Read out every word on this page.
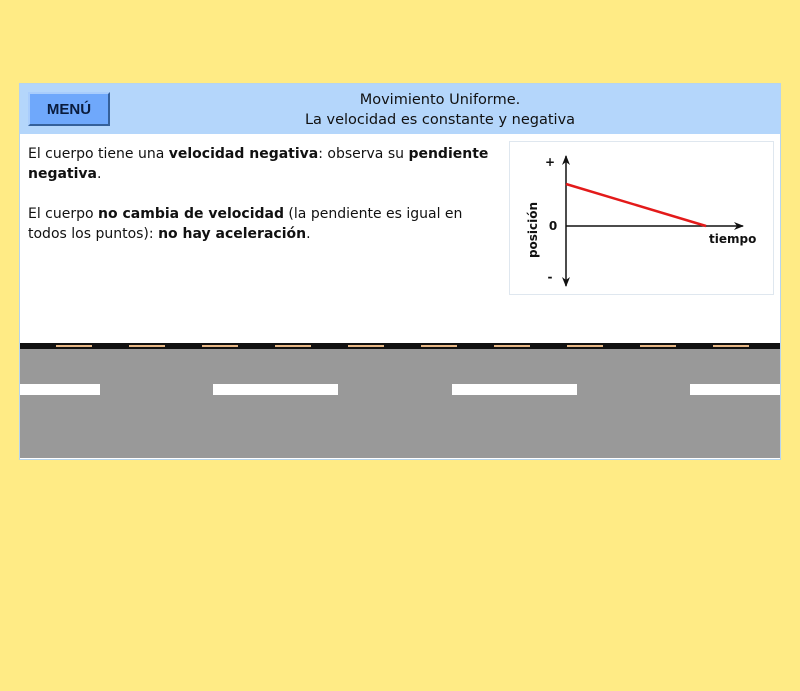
MENÚ
Movimiento Uniforme.
La velocidad es constante y negativa

El cuerpo tiene una velocidad negativa: observa su pendiente negativa.

El cuerpo no cambia de velocidad (la pendiente es igual en todos los puntos): no hay aceleración.

+
0
-
posición	tiempo
